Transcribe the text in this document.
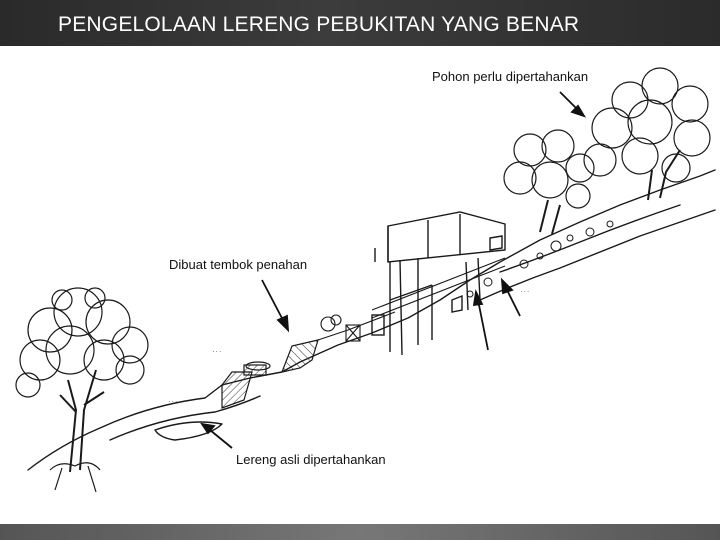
PENGELOLAAN LERENG PEBUKITAN YANG BENAR
...
...
...
Pohon perlu dipertahankan
Dibuat tembok penahan
Lereng asli dipertahankan
